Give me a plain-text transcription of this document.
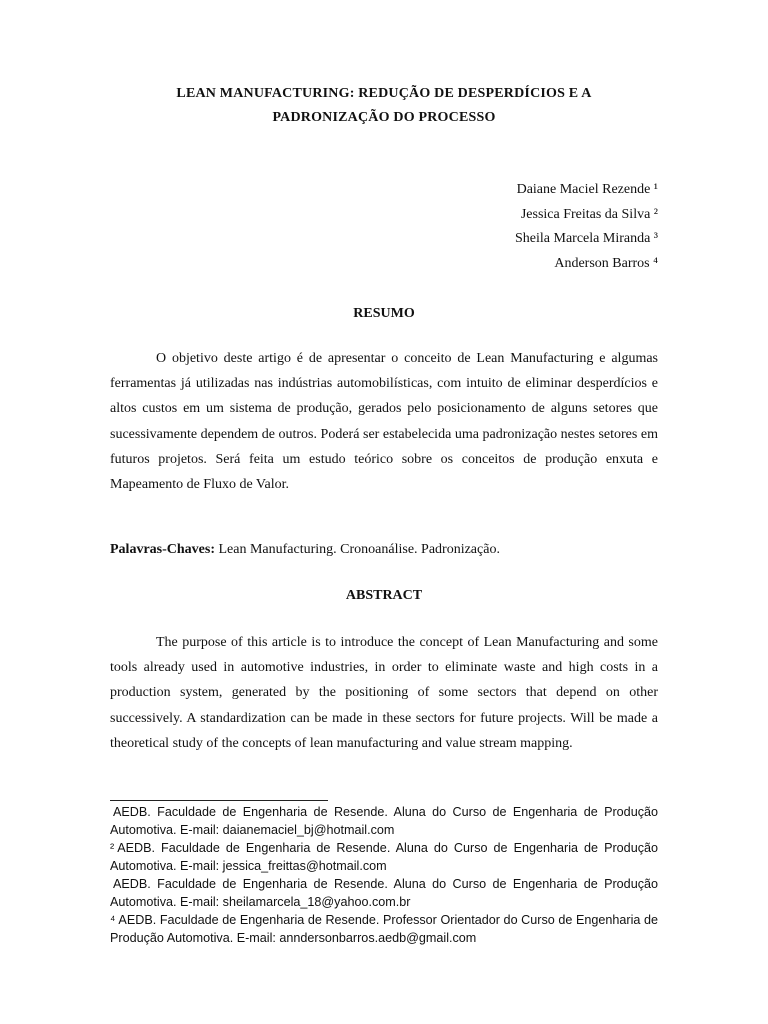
LEAN MANUFACTURING: REDUÇÃO DE DESPERDÍCIOS E A
PADRONIZAÇÃO DO PROCESSO
Daiane Maciel Rezende ¹
Jessica Freitas da Silva ²
Sheila Marcela Miranda ³
Anderson Barros ⁴
RESUMO
O objetivo deste artigo é de apresentar o conceito de Lean Manufacturing e algumas ferramentas já utilizadas nas indústrias automobilísticas, com intuito de eliminar desperdícios e altos custos em um sistema de produção, gerados pelo posicionamento de alguns setores que sucessivamente dependem de outros. Poderá ser estabelecida uma padronização nestes setores em futuros projetos. Será feita um estudo teórico sobre os conceitos de produção enxuta e Mapeamento de Fluxo de Valor.
Palavras-Chaves: Lean Manufacturing. Cronoanálise. Padronização.
ABSTRACT
The purpose of this article is to introduce the concept of Lean Manufacturing and some tools already used in automotive industries, in order to eliminate waste and high costs in a production system, generated by the positioning of some sectors that depend on other successively. A standardization can be made in these sectors for future projects. Will be made a theoretical study of the concepts of lean manufacturing and value stream mapping.

AEDB. Faculdade de Engenharia de Resende. Aluna do Curso de Engenharia de Produção Automotiva. E-mail: daianemaciel_bj@hotmail.com

² AEDB. Faculdade de Engenharia de Resende. Aluna do Curso de Engenharia de Produção Automotiva. E-mail: jessica_freittas@hotmail.com

AEDB. Faculdade de Engenharia de Resende. Aluna do Curso de Engenharia de Produção Automotiva. E-mail: sheilamarcela_18@yahoo.com.br

⁴ AEDB. Faculdade de Engenharia de Resende. Professor Orientador do Curso de Engenharia de Produção Automotiva. E-mail: anndersonbarros.aedb@gmail.com
